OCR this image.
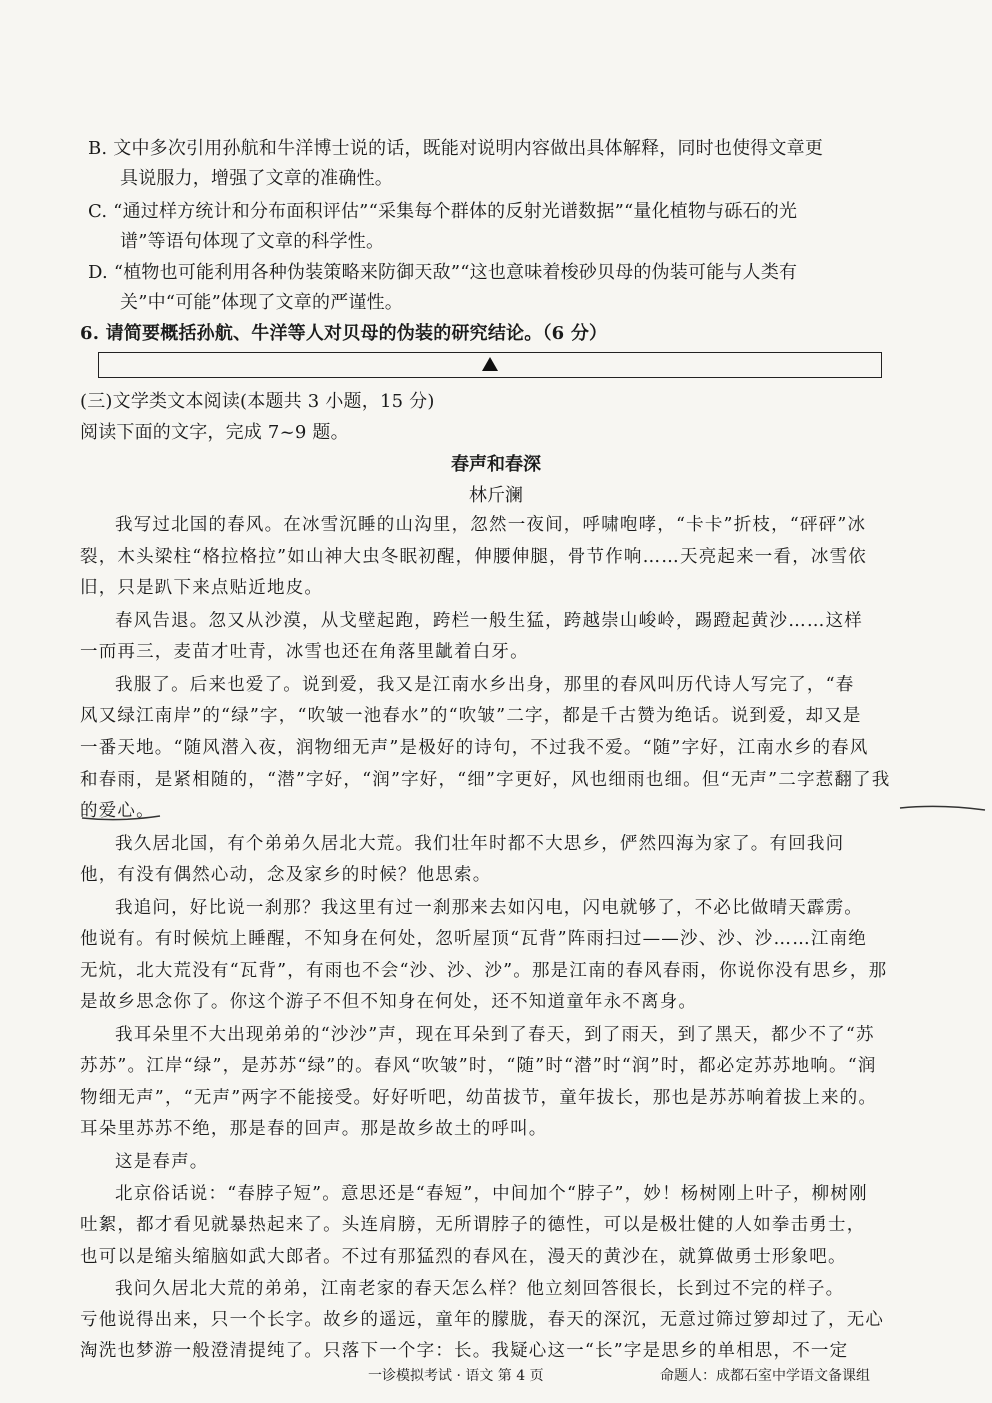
B. 文中多次引用孙航和牛洋博士说的话，既能对说明内容做出具体解释，同时也使得文章更
具说服力，增强了文章的准确性。
C. “通过样方统计和分布面积评估”“采集每个群体的反射光谱数据”“量化植物与砾石的光
谱”等语句体现了文章的科学性。
D. “植物也可能利用各种伪装策略来防御天敌”“这也意味着梭砂贝母的伪装可能与人类有
关”中“可能”体现了文章的严谨性。
6. 请简要概括孙航、牛洋等人对贝母的伪装的研究结论。（6 分）
(三)文学类文本阅读(本题共 3 小题，15 分)
阅读下面的文字，完成 7~9 题。
春声和春深
林斤澜
我写过北国的春风。在冰雪沉睡的山沟里，忽然一夜间，呼啸咆哮，“卡卡”折枝，“砰砰”冰
裂，木头梁柱“格拉格拉”如山神大虫冬眠初醒，伸腰伸腿，骨节作响……天亮起来一看，冰雪依
旧，只是趴下来点贴近地皮。
春风告退。忽又从沙漠，从戈壁起跑，跨栏一般生猛，跨越崇山峻岭，踢蹬起黄沙……这样
一而再三，麦苗才吐青，冰雪也还在角落里龇着白牙。
我服了。后来也爱了。说到爱，我又是江南水乡出身，那里的春风叫历代诗人写完了，“春
风又绿江南岸”的“绿”字，“吹皱一池春水”的“吹皱”二字，都是千古赞为绝话。说到爱，却又是
一番天地。“随风潜入夜，润物细无声”是极好的诗句，不过我不爱。“随”字好，江南水乡的春风
和春雨，是紧相随的，“潜”字好，“润”字好，“细”字更好，风也细雨也细。但“无声”二字惹翻了我
的爱心。
我久居北国，有个弟弟久居北大荒。我们壮年时都不大思乡，俨然四海为家了。有回我问
他，有没有偶然心动，念及家乡的时候？他思索。
我追问，好比说一刹那？我这里有过一刹那来去如闪电，闪电就够了，不必比做晴天霹雳。
他说有。有时候炕上睡醒，不知身在何处，忽听屋顶“瓦背”阵雨扫过——沙、沙、沙……江南绝
无炕，北大荒没有“瓦背”，有雨也不会“沙、沙、沙”。那是江南的春风春雨，你说你没有思乡，那
是故乡思念你了。你这个游子不但不知身在何处，还不知道童年永不离身。
我耳朵里不大出现弟弟的“沙沙”声，现在耳朵到了春天，到了雨天，到了黑天，都少不了“苏
苏苏”。江岸“绿”，是苏苏“绿”的。春风“吹皱”时，“随”时“潜”时“润”时，都必定苏苏地响。“润
物细无声”，“无声”两字不能接受。好好听吧，幼苗拔节，童年拔长，那也是苏苏响着拔上来的。
耳朵里苏苏不绝，那是春的回声。那是故乡故土的呼叫。
这是春声。
北京俗话说：“春脖子短”。意思还是“春短”，中间加个“脖子”，妙！杨树刚上叶子，柳树刚
吐絮，都才看见就暴热起来了。头连肩膀，无所谓脖子的德性，可以是极壮健的人如拳击勇士，
也可以是缩头缩脑如武大郎者。不过有那猛烈的春风在，漫天的黄沙在，就算做勇士形象吧。
我问久居北大荒的弟弟，江南老家的春天怎么样？他立刻回答很长，长到过不完的样子。
亏他说得出来，只一个长字。故乡的遥远，童年的朦胧，春天的深沉，无意过筛过箩却过了，无心
淘洗也梦游一般澄清提纯了。只落下一个字：长。我疑心这一“长”字是思乡的单相思，不一定
一诊模拟考试 · 语文 第 4 页	命题人：成都石室中学语文备课组
